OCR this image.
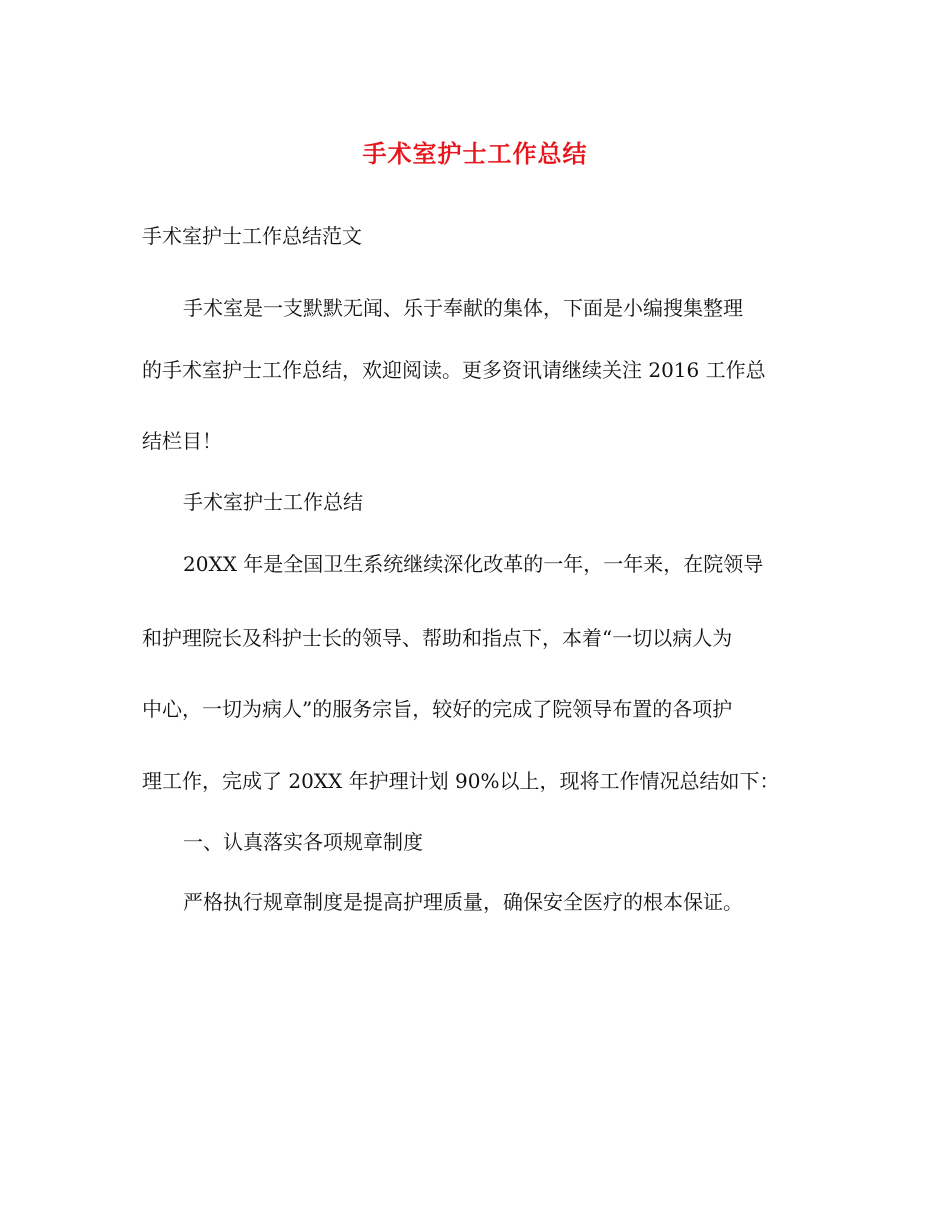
手术室护士工作总结
手术室护士工作总结范文
手术室是一支默默无闻、乐于奉献的集体，下面是小编搜集整理
的手术室护士工作总结，欢迎阅读。更多资讯请继续关注 2016 工作总
结栏目！
手术室护士工作总结
20XX 年是全国卫生系统继续深化改革的一年，一年来，在院领导
和护理院长及科护士长的领导、帮助和指点下，本着“一切以病人为
中心，一切为病人”的服务宗旨，较好的完成了院领导布置的各项护
理工作，完成了 20XX 年护理计划 90%以上，现将工作情况总结如下：
一、认真落实各项规章制度
严格执行规章制度是提高护理质量，确保安全医疗的根本保证。
